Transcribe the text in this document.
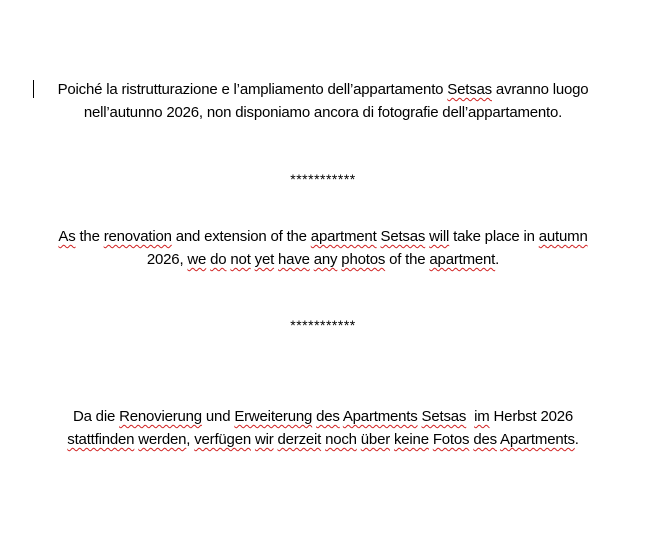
Poiché la ristrutturazione e l’ampliamento dell’appartamento Setsas avranno luogo
nell’autunno 2026, non disponiamo ancora di fotografie dell’appartamento.
***********
As the renovation and extension of the apartment Setsas will take place in autumn
2026, we do not yet have any photos of the apartment.
***********
Da die Renovierung und Erweiterung des Apartments Setsas im Herbst 2026
stattfinden werden, verfügen wir derzeit noch über keine Fotos des Apartments.
